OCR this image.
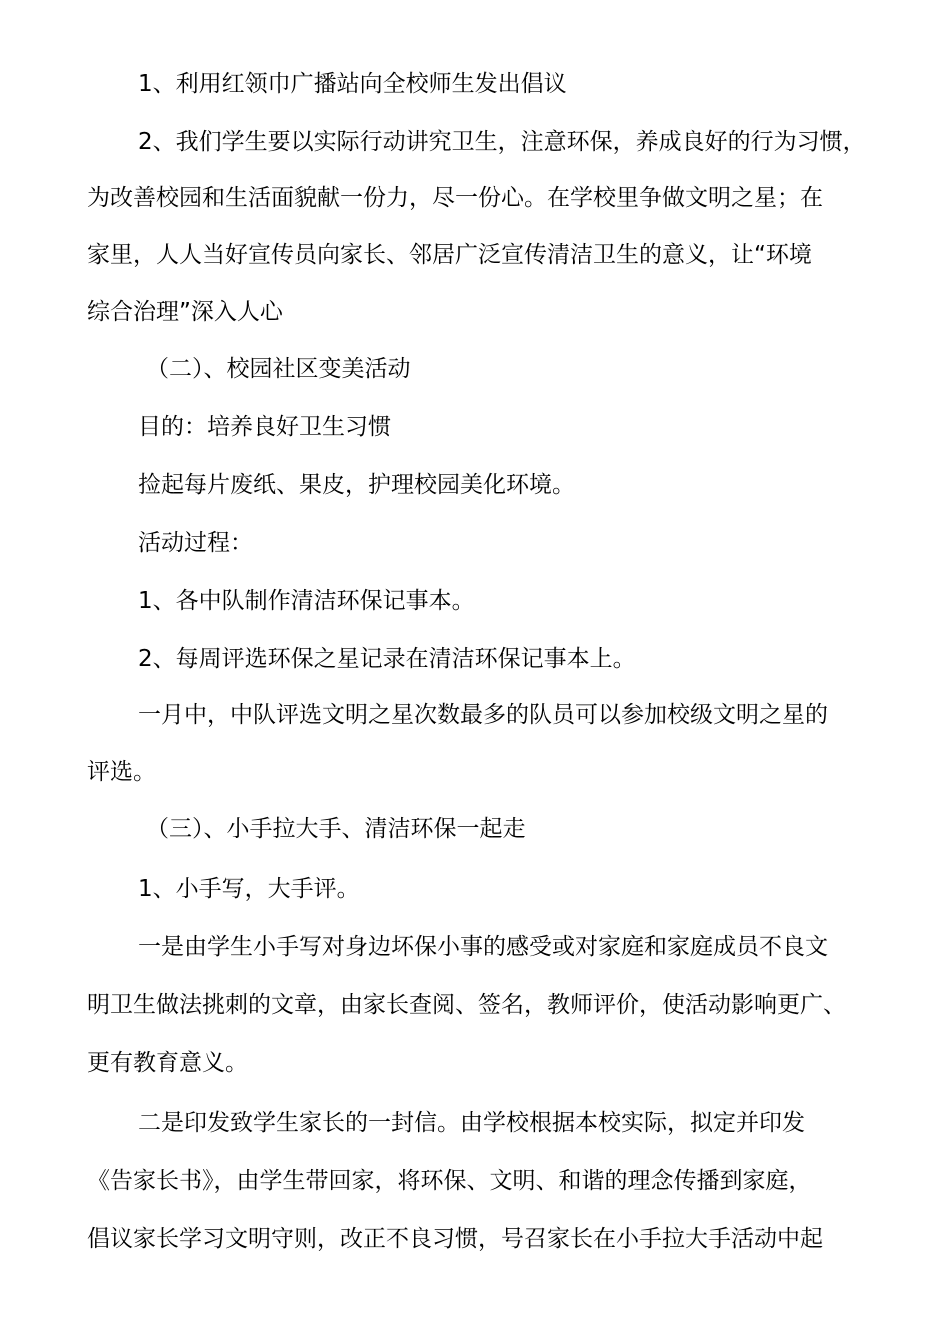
1、利用红领巾广播站向全校师生发出倡议
2、我们学生要以实际行动讲究卫生，注意环保，养成良好的行为习惯，
为改善校园和生活面貌献一份力，尽一份心。在学校里争做文明之星；在
家里，人人当好宣传员向家长、邻居广泛宣传清洁卫生的意义，让“环境
综合治理”深入人心
（二）、校园社区变美活动
目的：培养良好卫生习惯
捡起每片废纸、果皮，护理校园美化环境。
活动过程：
1、各中队制作清洁环保记事本。
2、每周评选环保之星记录在清洁环保记事本上。
一月中，中队评选文明之星次数最多的队员可以参加校级文明之星的
评选。
（三）、小手拉大手、清洁环保一起走
1、小手写，大手评。
一是由学生小手写对身边坏保小事的感受或对家庭和家庭成员不良文
明卫生做法挑刺的文章，由家长查阅、签名，教师评价，使活动影响更广、
更有教育意义。
二是印发致学生家长的一封信。由学校根据本校实际，拟定并印发
《告家长书》，由学生带回家，将环保、文明、和谐的理念传播到家庭，
倡议家长学习文明守则，改正不良习惯，号召家长在小手拉大手活动中起
